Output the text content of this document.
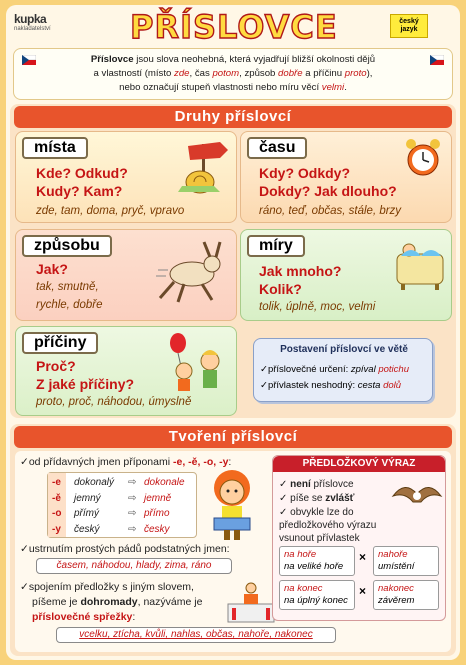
kupka
nakladatelství	PŘÍSLOVCE	český jazyk
Příslovce jsou slova neohebná, která vyjadřují bližší okolnosti dějů
a vlastností (místo zde, čas potom, způsob dobře a příčinu proto),
nebo označují stupeň vlastnosti nebo míru věcí velmi.
Druhy příslovcí
místa
Kde? Odkud?
Kudy? Kam?
zde, tam, doma, pryč, vpravo
času
Kdy? Odkdy?
Dokdy? Jak dlouho?
ráno, teď, občas, stále, brzy
způsobu
Jak?
tak, smutně,
rychle, dobře
míry
Jak mnoho?
Kolik?
tolik, úplně, moc, velmi
příčiny
Proč?
Z jaké příčiny?
proto, proč, náhodou, úmyslně
Postavení příslovcí ve větě
✓příslovečné určení: zpíval potichu
✓přívlastek neshodný: cesta dolů
Tvoření příslovcí
✓od přídavných jmen příponami -e, -ě, -o, -y:
-e dokonalý ⇨ dokonale
-ě jemný	⇨ jemně
-o přímý	⇨ přímo
-y český	⇨ česky
✓ustrnutím prostých pádů podstatných jmen:
časem, náhodou, hlady, zima, ráno
✓spojením předložky s jiným slovem,
píšeme je dohromady, nazýváme je
příslovečné spřežky:
vcelku, ztícha, kvůli, nahlas, občas, nahoře, nakonec
PŘEDLOŽKOVÝ VÝRAZ
✓ není příslovce
✓ píše se zvlášť
✓ obvykle lze do předložkového výrazu vsunout přívlastek
na hoře
na veliké hoře
×	nahoře
umístění
na konec
na úplný konec
×	nakonec
závěrem
